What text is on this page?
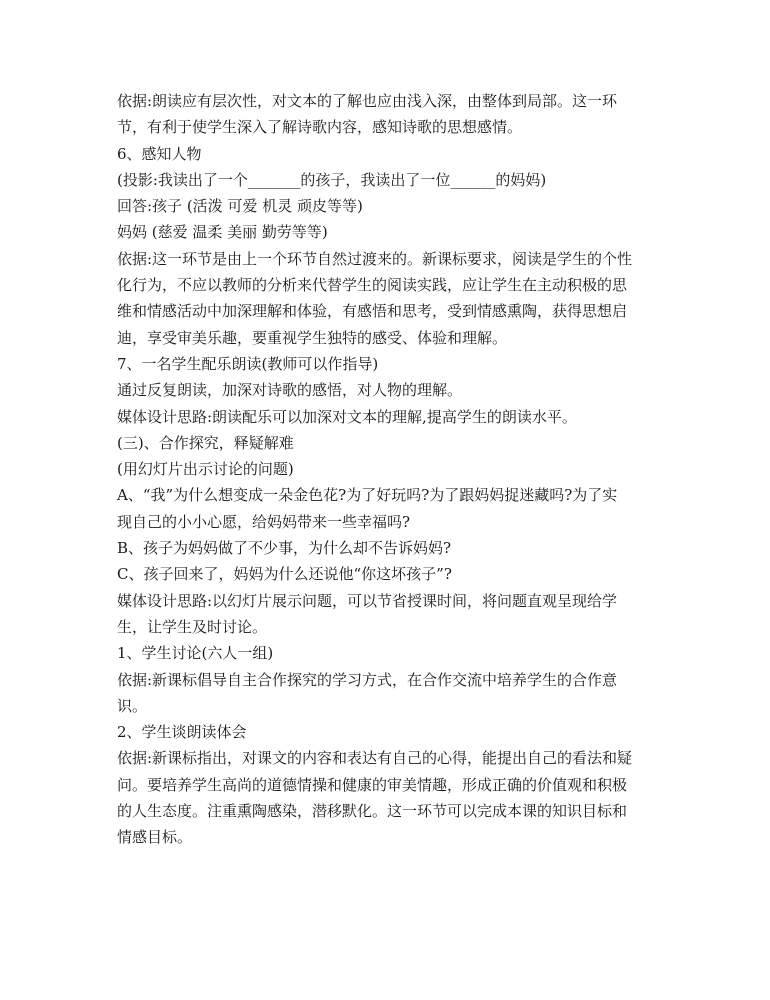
依据:朗读应有层次性，对文本的了解也应由浅入深，由整体到局部。这一环
节，有利于使学生深入了解诗歌内容，感知诗歌的思想感情。
6、感知人物
(投影:我读出了一个_______的孩子，我读出了一位______的妈妈)
回答:孩子 (活泼 可爱 机灵 顽皮等等)
妈妈 (慈爱 温柔 美丽 勤劳等等)
依据:这一环节是由上一个环节自然过渡来的。新课标要求，阅读是学生的个性
化行为，不应以教师的分析来代替学生的阅读实践，应让学生在主动积极的思
维和情感活动中加深理解和体验，有感悟和思考，受到情感熏陶，获得思想启
迪，享受审美乐趣，要重视学生独特的感受、体验和理解。
7、一名学生配乐朗读(教师可以作指导)
通过反复朗读，加深对诗歌的感悟，对人物的理解。
媒体设计思路:朗读配乐可以加深对文本的理解,提高学生的朗读水平。
(三)、合作探究，释疑解难
(用幻灯片出示讨论的问题)
A、“我”为什么想变成一朵金色花?为了好玩吗?为了跟妈妈捉迷藏吗?为了实
现自己的小小心愿，给妈妈带来一些幸福吗?
B、孩子为妈妈做了不少事，为什么却不告诉妈妈?
C、孩子回来了，妈妈为什么还说他“你这坏孩子”?
媒体设计思路:以幻灯片展示问题，可以节省授课时间，将问题直观呈现给学
生，让学生及时讨论。
1、学生讨论(六人一组)
依据:新课标倡导自主合作探究的学习方式，在合作交流中培养学生的合作意
识。
2、学生谈朗读体会
依据:新课标指出，对课文的内容和表达有自己的心得，能提出自己的看法和疑
问。要培养学生高尚的道德情操和健康的审美情趣，形成正确的价值观和积极
的人生态度。注重熏陶感染，潜移默化。这一环节可以完成本课的知识目标和
情感目标。
